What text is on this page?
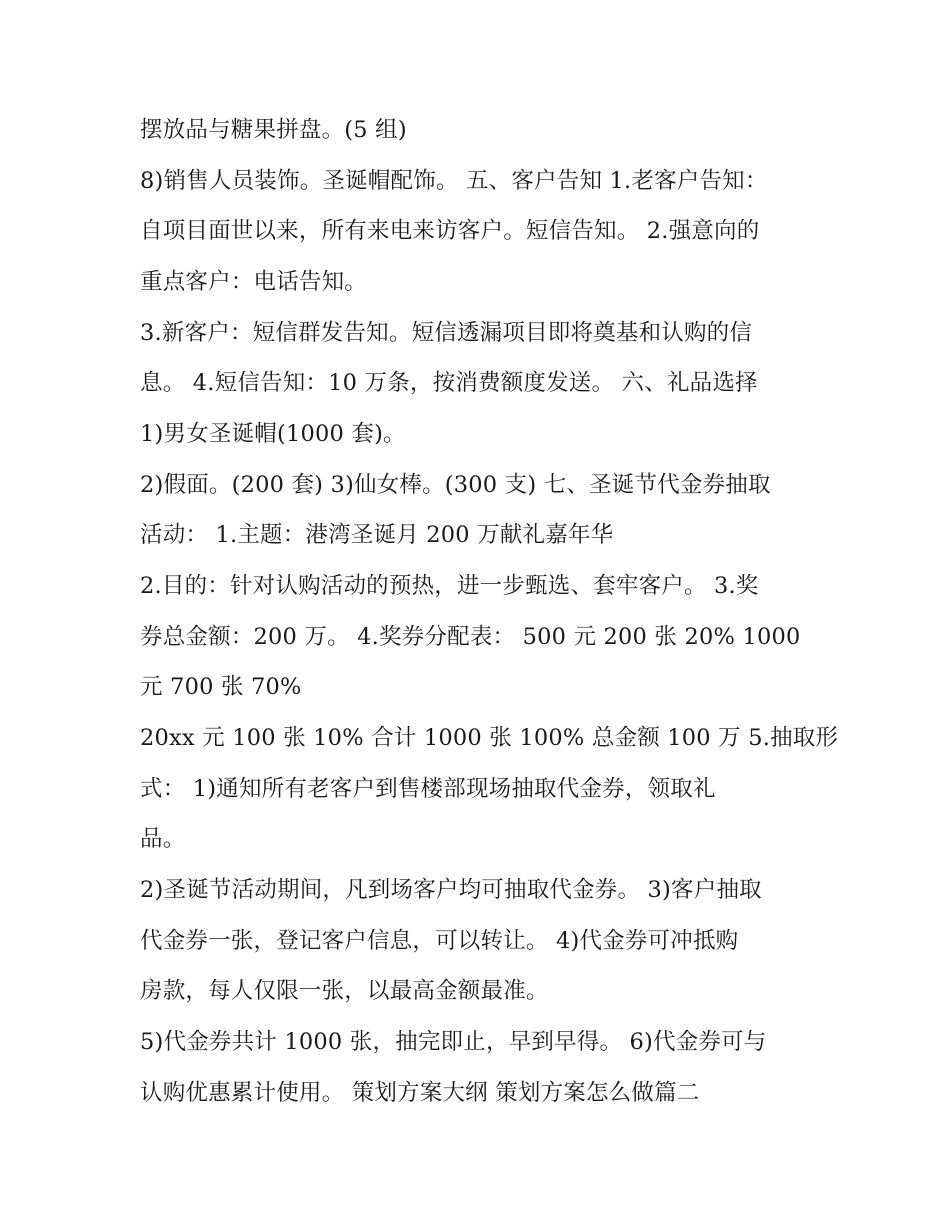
摆放品与糖果拼盘。(5 组)
8)销售人员装饰。圣诞帽配饰。 五、客户告知 1.老客户告知：
自项目面世以来，所有来电来访客户。短信告知。 2.强意向的
重点客户：电话告知。
3.新客户：短信群发告知。短信透漏项目即将奠基和认购的信
息。 4.短信告知：10 万条，按消费额度发送。 六、礼品选择
1)男女圣诞帽(1000 套)。
2)假面。(200 套) 3)仙女棒。(300 支) 七、圣诞节代金券抽取
活动： 1.主题：港湾圣诞月 200 万献礼嘉年华
2.目的：针对认购活动的预热，进一步甄选、套牢客户。 3.奖
券总金额：200 万。 4.奖券分配表： 500 元 200 张 20% 1000
元 700 张 70%
20xx 元 100 张 10% 合计 1000 张 100% 总金额 100 万 5.抽取形
式： 1)通知所有老客户到售楼部现场抽取代金券，领取礼
品。
2)圣诞节活动期间，凡到场客户均可抽取代金券。 3)客户抽取
代金券一张，登记客户信息，可以转让。 4)代金券可冲抵购
房款，每人仅限一张，以最高金额最准。
5)代金券共计 1000 张，抽完即止，早到早得。 6)代金券可与
认购优惠累计使用。 策划方案大纲 策划方案怎么做篇二
